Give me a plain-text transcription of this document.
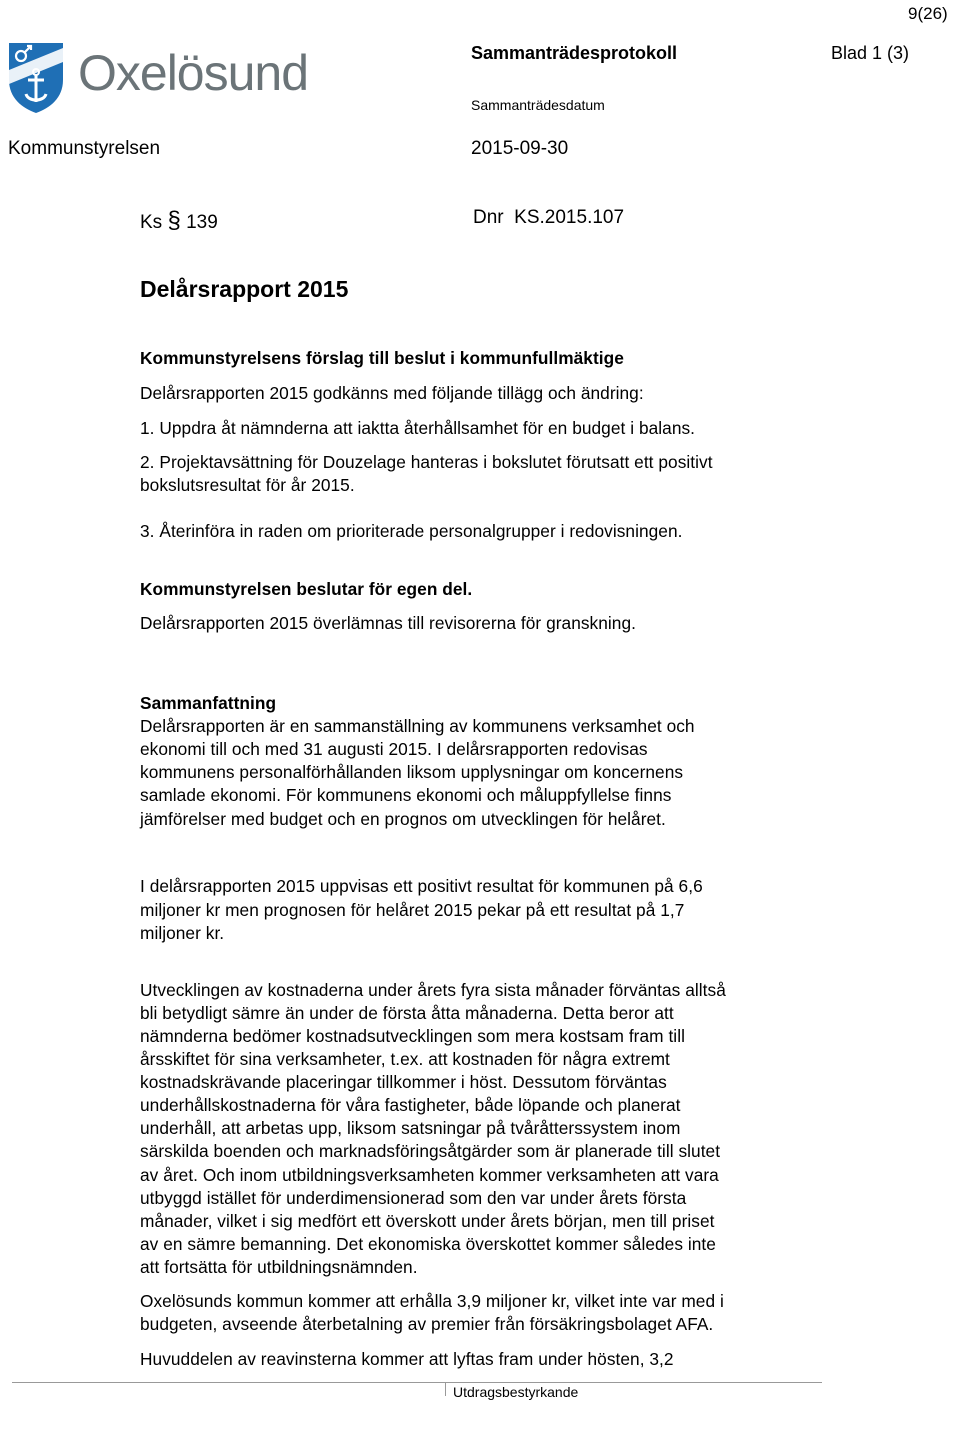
9(26)
Oxelösund	Sammanträdesprotokoll	Blad 1 (3)
Sammanträdesdatum
Kommunstyrelsen	2015-09-30
Ks § 139	Dnr  KS.2015.107
Delårsrapport 2015
Kommunstyrelsens förslag till beslut i kommunfullmäktige
Delårsrapporten 2015 godkänns med följande tillägg och ändring:
1. Uppdra åt nämnderna att iaktta återhållsamhet för en budget i balans.
2. Projektavsättning för Douzelage hanteras i bokslutet förutsatt ett positivt
bokslutsresultat för år 2015.
3. Återinföra in raden om prioriterade personalgrupper i redovisningen.
Kommunstyrelsen beslutar för egen del.
Delårsrapporten 2015 överlämnas till revisorerna för granskning.
Sammanfattning
Delårsrapporten är en sammanställning av kommunens verksamhet och
ekonomi till och med 31 augusti 2015. I delårsrapporten redovisas
kommunens personalförhållanden liksom upplysningar om koncernens
samlade ekonomi. För kommunens ekonomi och måluppfyllelse finns
jämförelser med budget och en prognos om utvecklingen för helåret.
I delårsrapporten 2015 uppvisas ett positivt resultat för kommunen på 6,6
miljoner kr men prognosen för helåret 2015 pekar på ett resultat på 1,7
miljoner kr.
Utvecklingen av kostnaderna under årets fyra sista månader förväntas alltså
bli betydligt sämre än under de första åtta månaderna. Detta beror att
nämnderna bedömer kostnadsutvecklingen som mera kostsam fram till
årsskiftet för sina verksamheter, t.ex. att kostnaden för några extremt
kostnadskrävande placeringar tillkommer i höst. Dessutom förväntas
underhållskostnaderna för våra fastigheter, både löpande och planerat
underhåll, att arbetas upp, liksom satsningar på tvåråtterssystem inom
särskilda boenden och marknadsföringsåtgärder som är planerade till slutet
av året. Och inom utbildningsverksamheten kommer verksamheten att vara
utbyggd istället för underdimensionerad som den var under årets första
månader, vilket i sig medfört ett överskott under årets början, men till priset
av en sämre bemanning. Det ekonomiska överskottet kommer således inte
att fortsätta för utbildningsnämnden.
Oxelösunds kommun kommer att erhålla 3,9 miljoner kr, vilket inte var med i
budgeten, avseende återbetalning av premier från försäkringsbolaget AFA.
Huvuddelen av reavinsterna kommer att lyftas fram under hösten, 3,2
Utdragsbestyrkande
